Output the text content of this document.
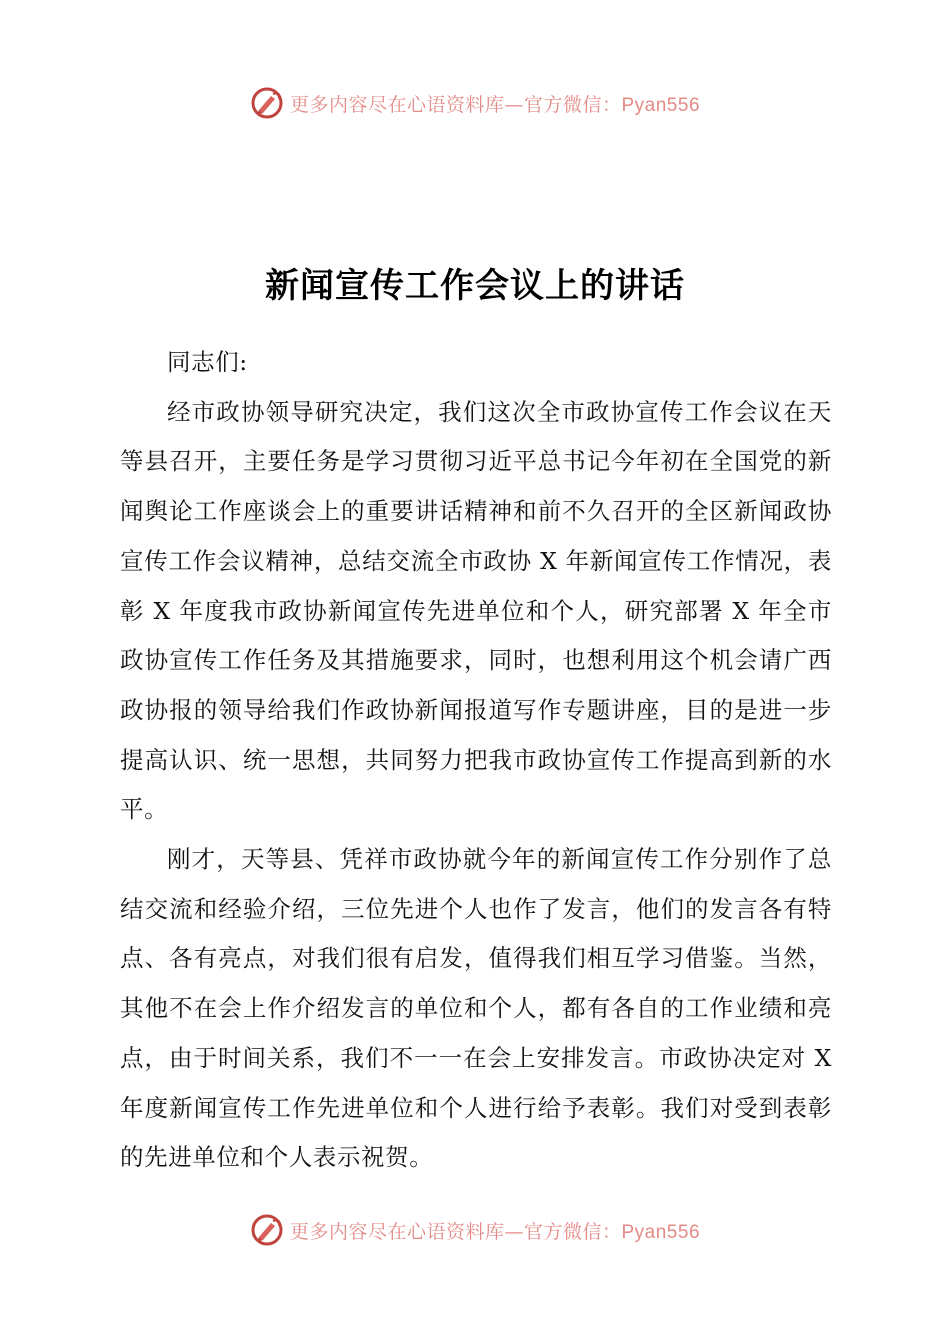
更多内容尽在心语资料库—官方微信：Pyan556
新闻宣传工作会议上的讲话

同志们:

经市政协领导研究决定，我们这次全市政协宣传工作会议在天等县召开，主要任务是学习贯彻习近平总书记今年初在全国党的新闻舆论工作座谈会上的重要讲话精神和前不久召开的全区新闻政协宣传工作会议精神，总结交流全市政协 X 年新闻宣传工作情况，表彰 X 年度我市政协新闻宣传先进单位和个人，研究部署 X 年全市政协宣传工作任务及其措施要求，同时，也想利用这个机会请广西政协报的领导给我们作政协新闻报道写作专题讲座，目的是进一步提高认识、统一思想，共同努力把我市政协宣传工作提高到新的水平。

刚才，天等县、凭祥市政协就今年的新闻宣传工作分别作了总结交流和经验介绍，三位先进个人也作了发言，他们的发言各有特点、各有亮点，对我们很有启发，值得我们相互学习借鉴。当然，其他不在会上作介绍发言的单位和个人，都有各自的工作业绩和亮点，由于时间关系，我们不一一在会上安排发言。市政协决定对 X 年度新闻宣传工作先进单位和个人进行给予表彰。我们对受到表彰的先进单位和个人表示祝贺。

更多内容尽在心语资料库—官方微信：Pyan556
